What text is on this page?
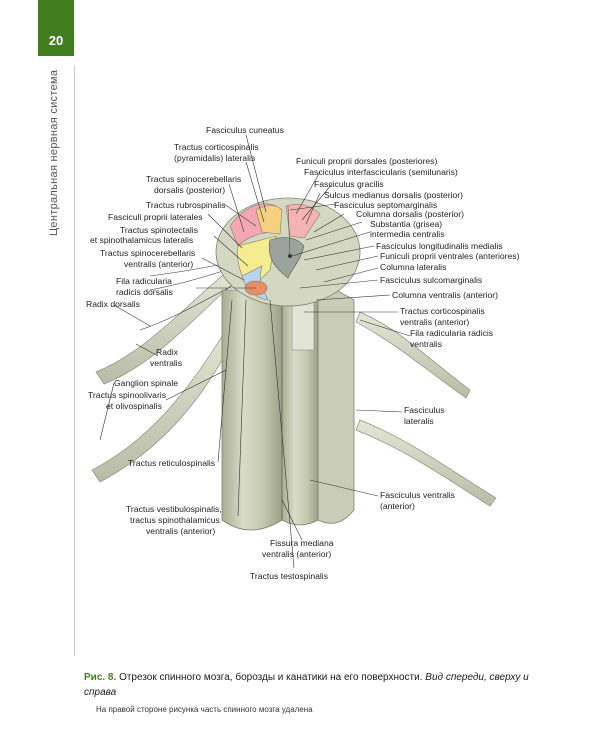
20
Центральная нервная система	Fasciculus cuneatus
Tractus corticospinalis
(pyramidalis) lateralis	Funiculi proprii dorsales (posteriores)
Fasciculus interfascicularis (semilunaris)
Fasciculus gracilis
Sulcus medianus dorsalis (posterior)
Fasciculus septomarginalis
Columna dorsalis (posterior)
Substantia (grisea)
intermedia centralis
Fasciculus longitudinalis medialis
Funiculi proprii ventrales (anteriores)
Columna lateralis
Fasciculus sulcomarginalis
Columna ventralis (anterior)
Tractus corticospinalis
ventralis (anterior)
Fila radicularia radicis
ventralis
Fasciculus
lateralis
Fasciculus ventralis
(anterior)
Tractus spinocerebellaris
dorsalis (posterior)
Tractus rubrospinalis
Fasciculi proprii laterales
Tractus spinotectalis
et spinothalamicus lateralis
Tractus spinocerebellaris
ventralis (anterior)
Fila radicularia
radicis dorsalis
Radix dorsalis
Radix
ventralis
Ganglion spinale
Tractus spinoolivaris
et olivospinalis
Tractus reticulospinalis
Tractus vestibulospinalis,
tractus spinothalamicus
ventralis (anterior)
Fissura mediana
ventralis (anterior)
Tractus testospinalis
Рис. 8. Отрезок спинного мозга, борозды и канатики на его поверхности. Вид спереди, сверху и справа
На правой стороне рисунка часть спинного мозга удалена
